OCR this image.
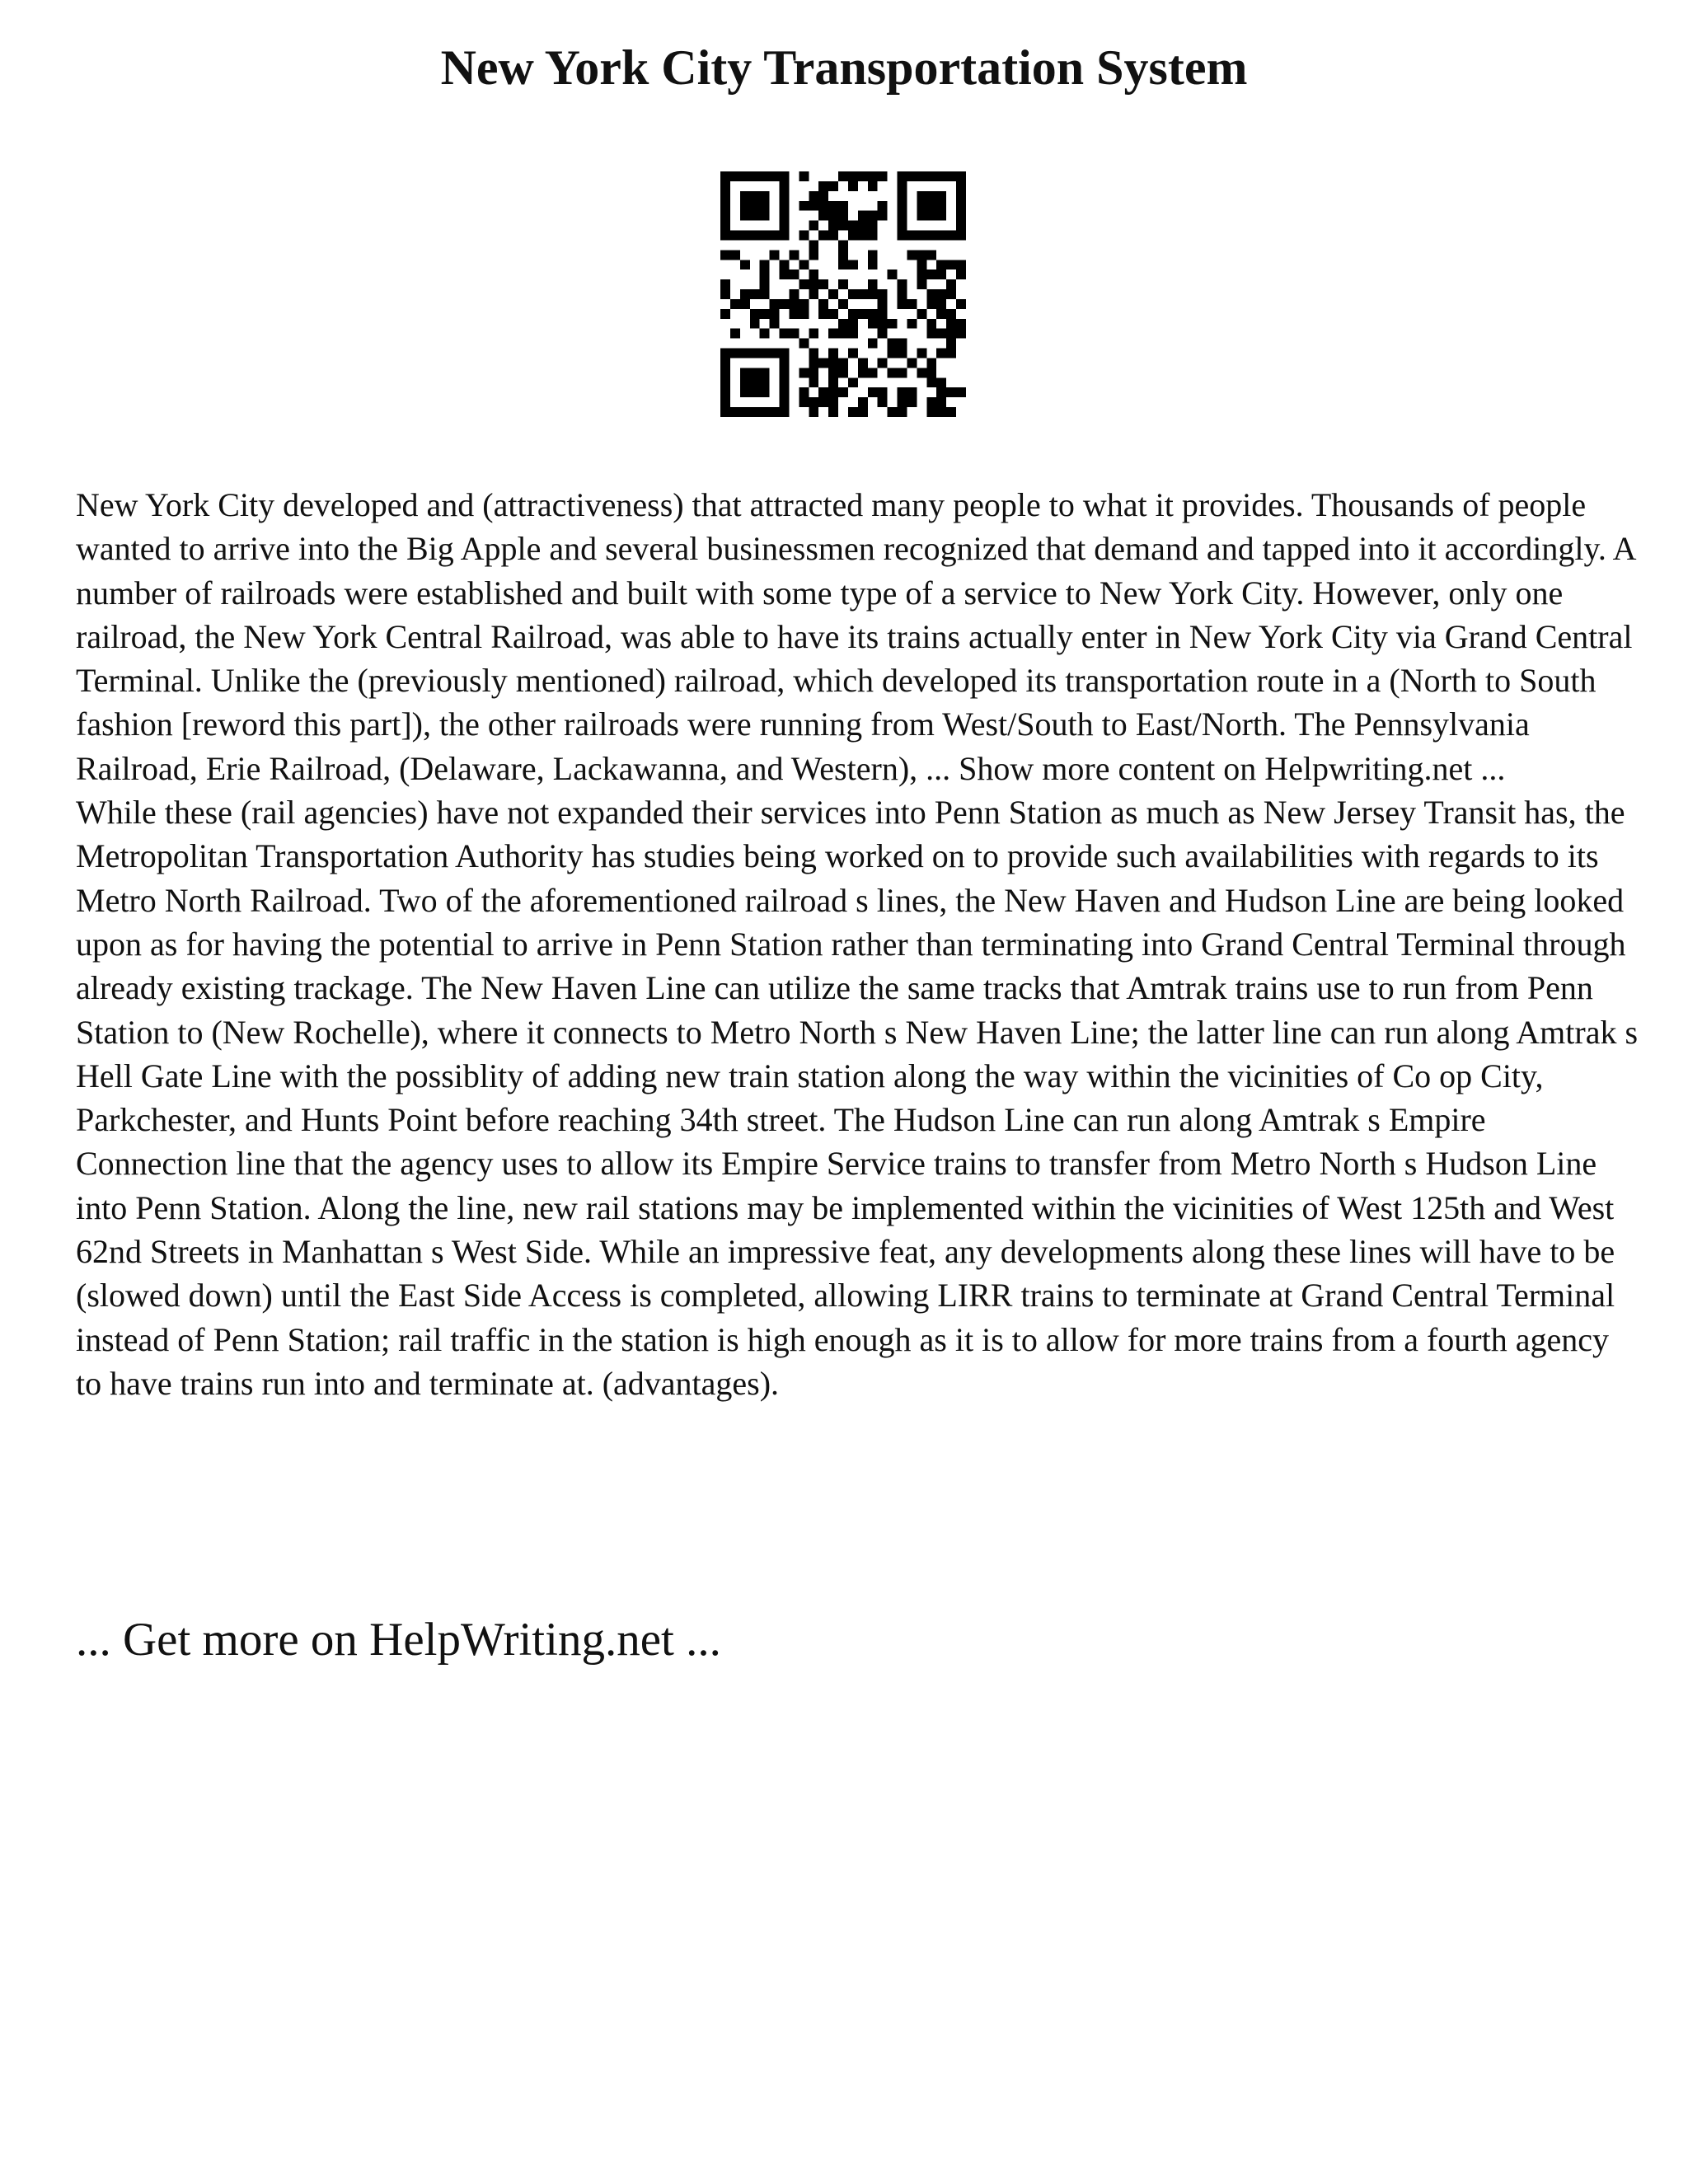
New York City Transportation System

New York City developed and (attractiveness) that attracted many people to what it provides. Thousands of people wanted to arrive into the Big Apple and several businessmen recognized that demand and tapped into it accordingly. A number of railroads were established and built with some type of a service to New York City. However, only one railroad, the New York Central Railroad, was able to have its trains actually enter in New York City via Grand Central Terminal. Unlike the (previously mentioned) railroad, which developed its transportation route in a (North to South fashion [reword this part]), the other railroads were running from West/South to East/North. The Pennsylvania Railroad, Erie Railroad, (Delaware, Lackawanna, and Western), ... Show more content on Helpwriting.net ...

While these (rail agencies) have not expanded their services into Penn Station as much as New Jersey Transit has, the Metropolitan Transportation Authority has studies being worked on to provide such availabilities with regards to its Metro North Railroad. Two of the aforementioned railroad s lines, the New Haven and Hudson Line are being looked upon as for having the potential to arrive in Penn Station rather than terminating into Grand Central Terminal through already existing trackage. The New Haven Line can utilize the same tracks that Amtrak trains use to run from Penn Station to (New Rochelle), where it connects to Metro North s New Haven Line; the latter line can run along Amtrak s Hell Gate Line with the possiblity of adding new train station along the way within the vicinities of Co op City, Parkchester, and Hunts Point before reaching 34th street. The Hudson Line can run along Amtrak s Empire Connection line that the agency uses to allow its Empire Service trains to transfer from Metro North s Hudson Line into Penn Station. Along the line, new rail stations may be implemented within the vicinities of West 125th and West 62nd Streets in Manhattan s West Side. While an impressive feat, any developments along these lines will have to be (slowed down) until the East Side Access is completed, allowing LIRR trains to terminate at Grand Central Terminal instead of Penn Station; rail traffic in the station is high enough as it is to allow for more trains from a fourth agency to have trains run into and terminate at. (advantages).

... Get more on HelpWriting.net ...
